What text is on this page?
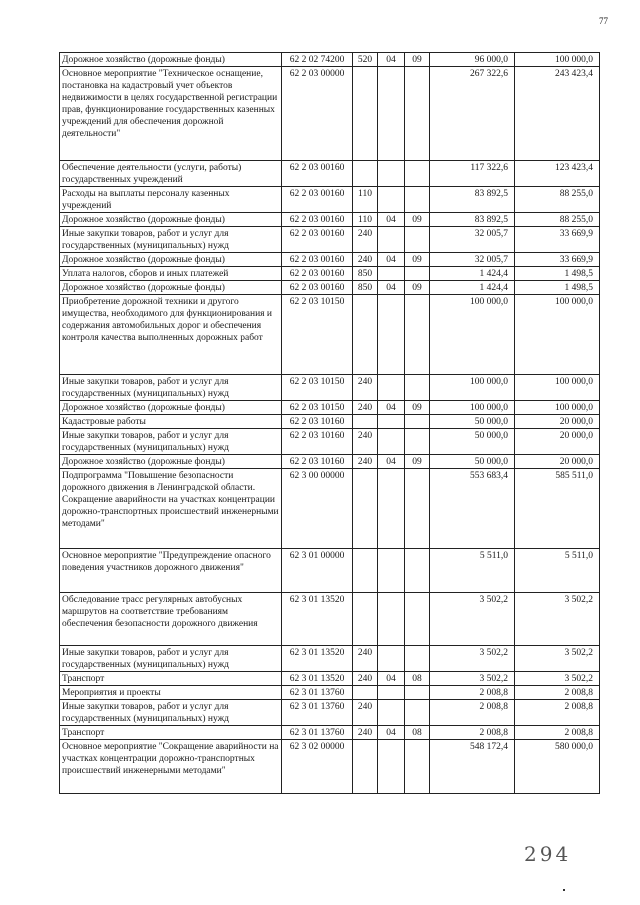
77
Дорожное хозяйство (дорожные фонды)	62 2 02 74200	520	04	09	96 000,0	100 000,0
Основное мероприятие "Техническое оснащение, постановка на кадастровый учет объектов недвижимости в целях государственной регистрации прав, функционирование государственных казенных учреждений для обеспечения дорожной деятельности"	62 2 03 00000				267 322,6	243 423,4
Обеспечение деятельности (услуги, работы) государственных учреждений	62 2 03 00160				117 322,6	123 423,4
Расходы на выплаты персоналу казенных учреждений	62 2 03 00160	110			83 892,5	88 255,0
Дорожное хозяйство (дорожные фонды)	62 2 03 00160	110	04	09	83 892,5	88 255,0
Иные закупки товаров, работ и услуг для государственных (муниципальных) нужд	62 2 03 00160	240			32 005,7	33 669,9
Дорожное хозяйство (дорожные фонды)	62 2 03 00160	240	04	09	32 005,7	33 669,9
Уплата налогов, сборов и иных платежей	62 2 03 00160	850			1 424,4	1 498,5
Дорожное хозяйство (дорожные фонды)	62 2 03 00160	850	04	09	1 424,4	1 498,5
Приобретение дорожной техники и другого имущества, необходимого для функционирования и содержания автомобильных дорог и обеспечения контроля качества выполненных дорожных работ	62 2 03 10150				100 000,0	100 000,0
Иные закупки товаров, работ и услуг для государственных (муниципальных) нужд	62 2 03 10150	240			100 000,0	100 000,0
Дорожное хозяйство (дорожные фонды)	62 2 03 10150	240	04	09	100 000,0	100 000,0
Кадастровые работы	62 2 03 10160				50 000,0	20 000,0
Иные закупки товаров, работ и услуг для государственных (муниципальных) нужд	62 2 03 10160	240			50 000,0	20 000,0
Дорожное хозяйство (дорожные фонды)	62 2 03 10160	240	04	09	50 000,0	20 000,0
Подпрограмма "Повышение безопасности дорожного движения в Ленинградской области. Сокращение аварийности на участках концентрации дорожно-транспортных происшествий инженерными методами"	62 3 00 00000				553 683,4	585 511,0
Основное мероприятие "Предупреждение опасного поведения участников дорожного движения"	62 3 01 00000				5 511,0	5 511,0
Обследование трасс регулярных автобусных маршрутов на соответствие требованиям обеспечения безопасности дорожного движения	62 3 01 13520				3 502,2	3 502,2
Иные закупки товаров, работ и услуг для государственных (муниципальных) нужд	62 3 01 13520	240			3 502,2	3 502,2
Транспорт	62 3 01 13520	240	04	08	3 502,2	3 502,2
Мероприятия и проекты	62 3 01 13760				2 008,8	2 008,8
Иные закупки товаров, работ и услуг для государственных (муниципальных) нужд	62 3 01 13760	240			2 008,8	2 008,8
Транспорт	62 3 01 13760	240	04	08	2 008,8	2 008,8
Основное мероприятие "Сокращение аварийности на участках концентрации дорожно-транспортных происшествий инженерными методами"	62 3 02 00000				548 172,4	580 000,0
294
